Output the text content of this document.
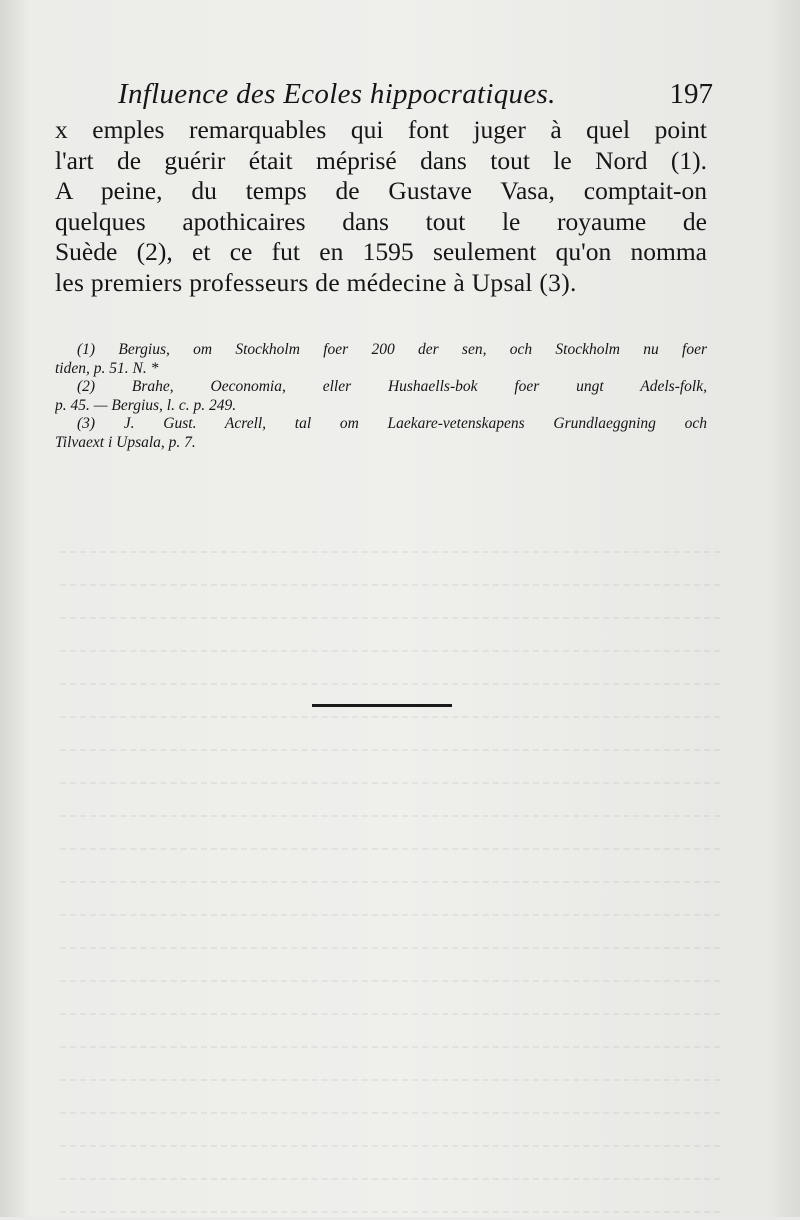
Influence des Ecoles hippocratiques.	197
x emples remarquables qui font juger à quel point
l'art de guérir était méprisé dans tout le Nord (1).
A peine, du temps de Gustave Vasa, comptait-on
quelques apothicaires dans tout le royaume de
Suède (2), et ce fut en 1595 seulement qu'on nomma
les premiers professeurs de médecine à Upsal (3).
(1) Bergius, om Stockholm foer 200 der sen, och Stockholm nu foer
tiden, p. 51. N. *
(2) Brahe, Oeconomia, eller Hushaells-bok foer ungt Adels-folk,
p. 45. — Bergius, l. c. p. 249.
(3) J. Gust. Acrell, tal om Laekare-vetenskapens Grundlaeggning och
Tilvaext i Upsala, p. 7.
